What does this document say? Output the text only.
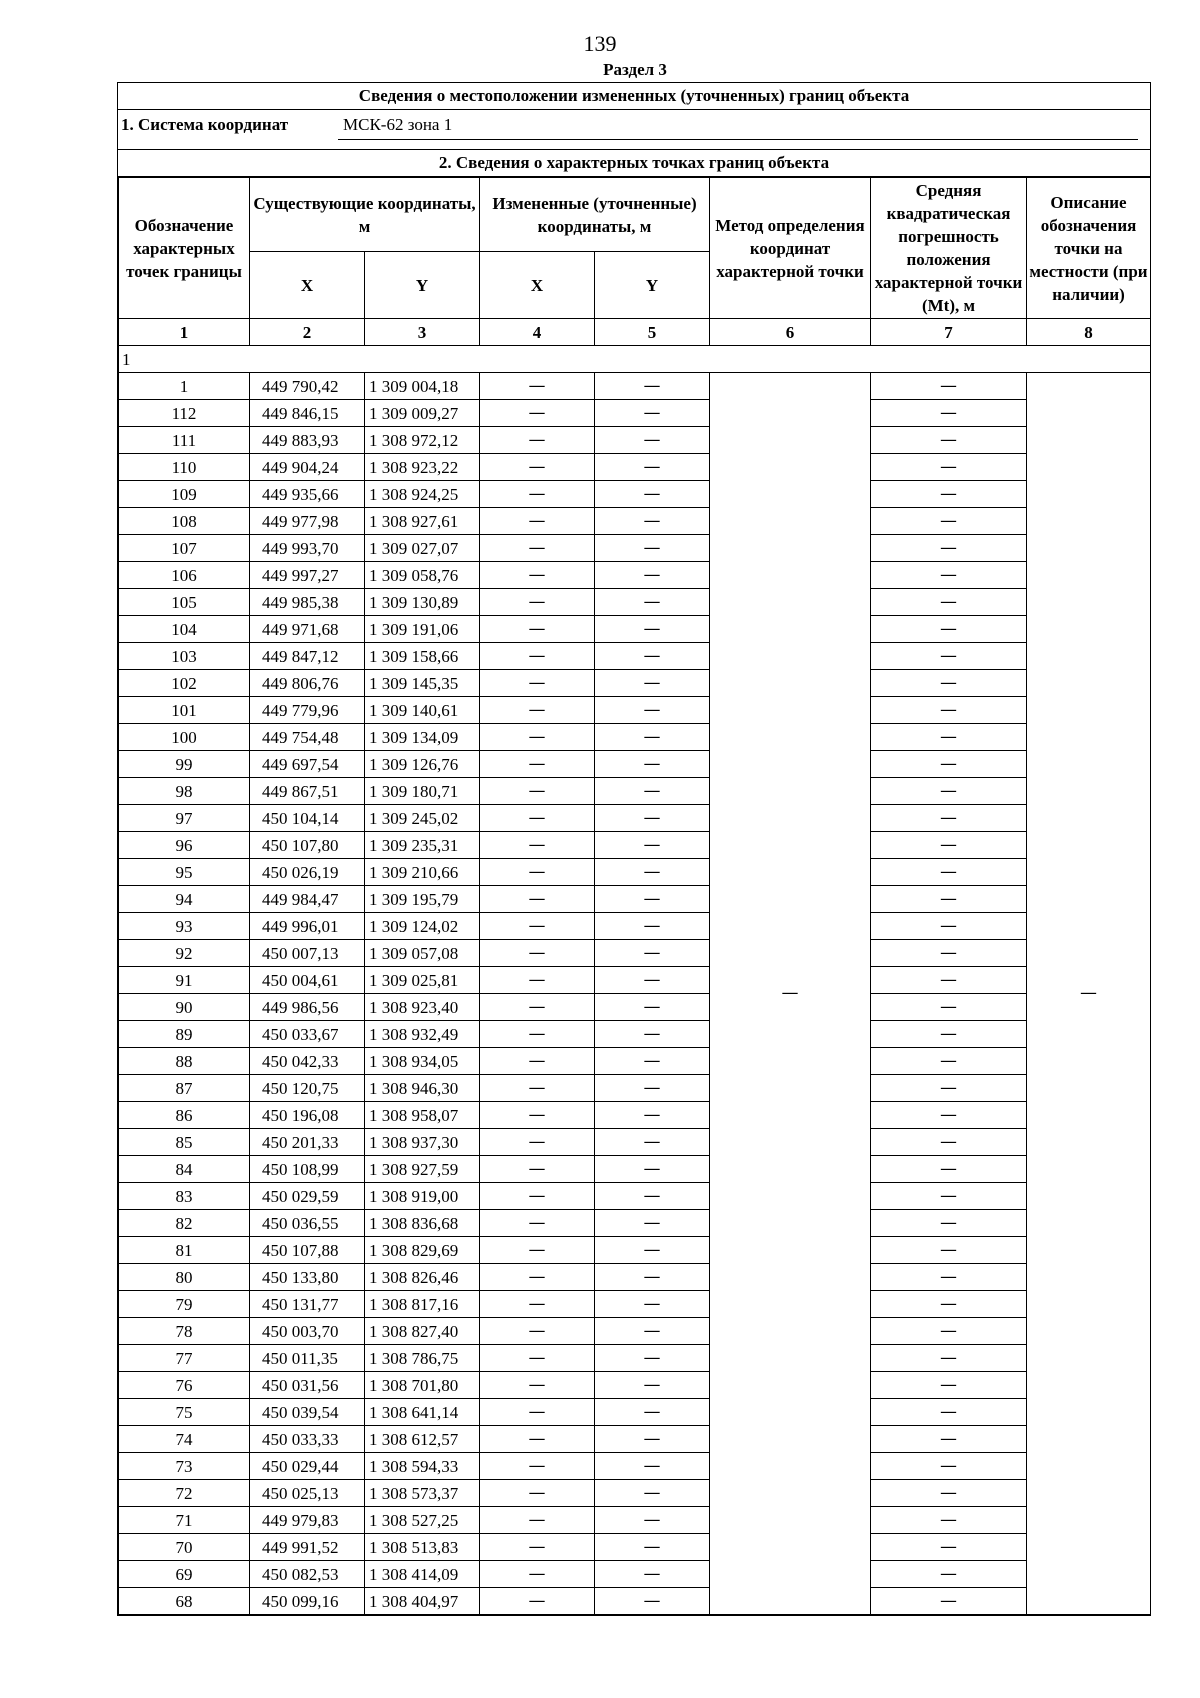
139
Раздел 3
Сведения о местоположении измененных (уточненных) границ объекта
1. Система координат	МСК-62 зона 1
2. Сведения о характерных точках границ объекта
Обозначение характерных точек границы	Существующие координаты, м		Измененные (уточненные) координаты, м		Метод определения координат характерной точки	Средняя квадратическая погрешность положения характерной точки (Mt), м	Описание обозначения точки на местности (при наличии)
	X	Y	X	Y			
1	2	3	4	5	6	7	8
1							
1	449 790,42	1 309 004,18	—	—	—	—	—
112	449 846,15	1 309 009,27	—	—		—	
111	449 883,93	1 308 972,12	—	—		—	
110	449 904,24	1 308 923,22	—	—		—	
109	449 935,66	1 308 924,25	—	—		—	
108	449 977,98	1 308 927,61	—	—		—	
107	449 993,70	1 309 027,07	—	—		—	
106	449 997,27	1 309 058,76	—	—		—	
105	449 985,38	1 309 130,89	—	—		—	
104	449 971,68	1 309 191,06	—	—		—	
103	449 847,12	1 309 158,66	—	—		—	
102	449 806,76	1 309 145,35	—	—		—	
101	449 779,96	1 309 140,61	—	—		—	
100	449 754,48	1 309 134,09	—	—		—	
99	449 697,54	1 309 126,76	—	—		—	
98	449 867,51	1 309 180,71	—	—		—	
97	450 104,14	1 309 245,02	—	—		—	
96	450 107,80	1 309 235,31	—	—		—	
95	450 026,19	1 309 210,66	—	—		—	
94	449 984,47	1 309 195,79	—	—		—	
93	449 996,01	1 309 124,02	—	—		—	
92	450 007,13	1 309 057,08	—	—		—	
91	450 004,61	1 309 025,81	—	—		—	
90	449 986,56	1 308 923,40	—	—		—	
89	450 033,67	1 308 932,49	—	—		—	
88	450 042,33	1 308 934,05	—	—		—	
87	450 120,75	1 308 946,30	—	—		—	
86	450 196,08	1 308 958,07	—	—		—	
85	450 201,33	1 308 937,30	—	—		—	
84	450 108,99	1 308 927,59	—	—		—	
83	450 029,59	1 308 919,00	—	—		—	
82	450 036,55	1 308 836,68	—	—		—	
81	450 107,88	1 308 829,69	—	—		—	
80	450 133,80	1 308 826,46	—	—		—	
79	450 131,77	1 308 817,16	—	—		—	
78	450 003,70	1 308 827,40	—	—		—	
77	450 011,35	1 308 786,75	—	—		—	
76	450 031,56	1 308 701,80	—	—		—	
75	450 039,54	1 308 641,14	—	—		—	
74	450 033,33	1 308 612,57	—	—		—	
73	450 029,44	1 308 594,33	—	—		—	
72	450 025,13	1 308 573,37	—	—		—	
71	449 979,83	1 308 527,25	—	—		—	
70	449 991,52	1 308 513,83	—	—		—	
69	450 082,53	1 308 414,09	—	—		—	
68	450 099,16	1 308 404,97	—	—		—	
